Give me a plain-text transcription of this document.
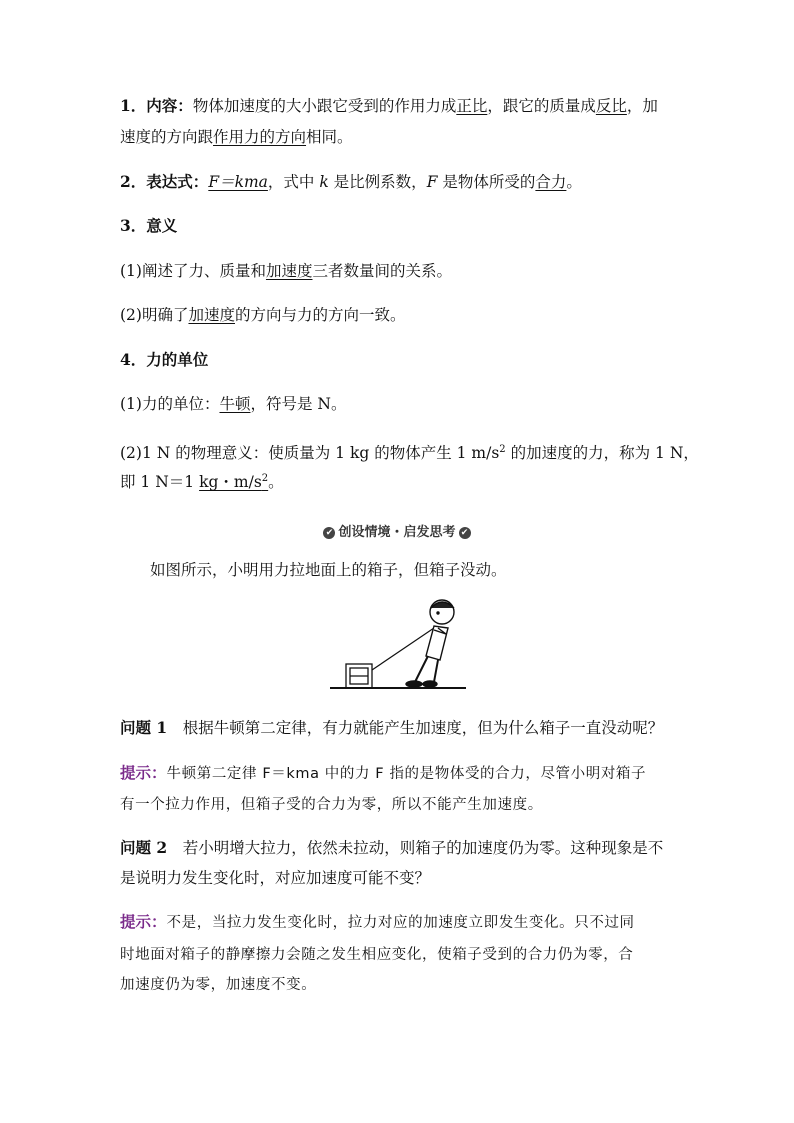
1．内容：物体加速度的大小跟它受到的作用力成正比，跟它的质量成反比，加
速度的方向跟作用力的方向相同。
2．表达式：F＝kma，式中 k 是比例系数，F 是物体所受的合力。
3．意义
(1)阐述了力、质量和加速度三者数量间的关系。
(2)明确了加速度的方向与力的方向一致。
4．力的单位
(1)力的单位：牛顿，符号是 N。
(2)1 N 的物理意义：使质量为 1 kg 的物体产生 1 $m/s^2$ 的加速度的力，称为 1 N，
即 1 N＝1 kg・$m/s^2$。
✔ 创设情境・启发思考 ✔
如图所示，小明用力拉地面上的箱子，但箱子没动。
问题 1　 根据牛顿第二定律，有力就能产生加速度，但为什么箱子一直没动呢？
提示：牛顿第二定律 F＝kma 中的力 F 指的是物体受的合力，尽管小明对箱子
有一个拉力作用，但箱子受的合力为零，所以不能产生加速度。
问题 2　 若小明增大拉力，依然未拉动，则箱子的加速度仍为零。这种现象是不
是说明力发生变化时，对应加速度可能不变？
提示：不是，当拉力发生变化时，拉力对应的加速度立即发生变化。只不过同
时地面对箱子的静摩擦力会随之发生相应变化，使箱子受到的合力仍为零，合
加速度仍为零，加速度不变。
